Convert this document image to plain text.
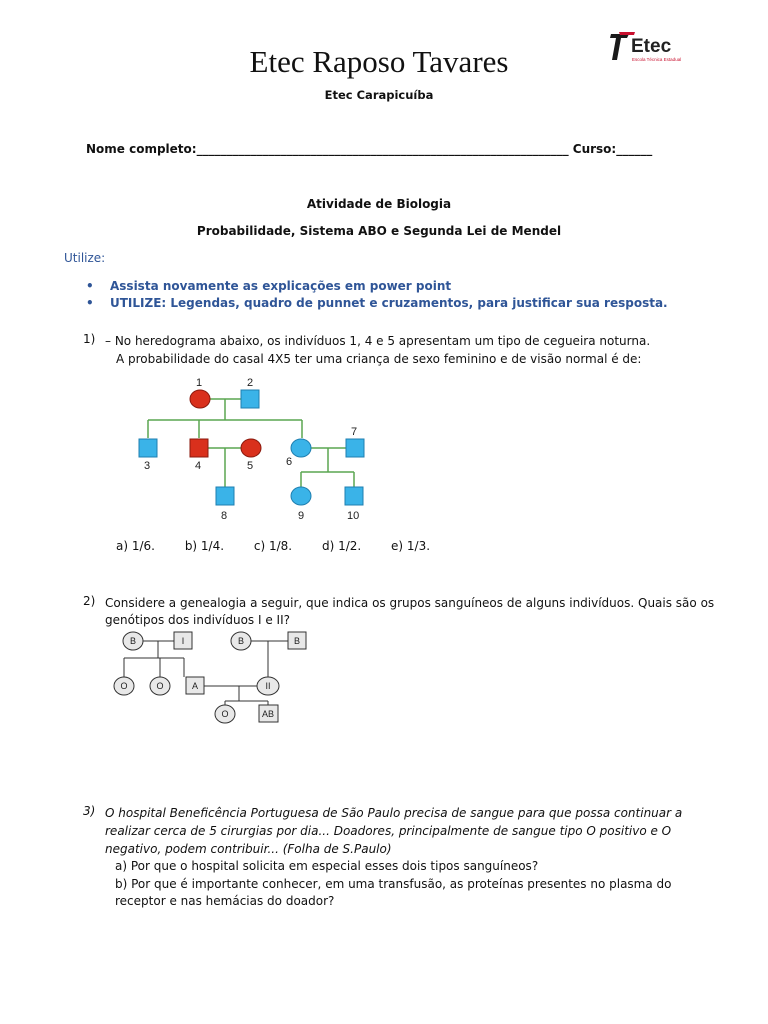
Etec Raposo Tavares
Etec Carapicuíba
Etec
Escola Técnica Estadual
Nome completo:______________________________________________________________ Curso:______
Atividade de Biologia
Probabilidade, Sistema ABO e Segunda Lei de Mendel
Utilize:
• Assista novamente as explicações em power point
• UTILIZE: Legendas, quadro de punnet e cruzamentos, para justificar sua resposta.
1) – No heredograma abaixo, os indivíduos 1, 4 e 5 apresentam um tipo de cegueira noturna.
A probabilidade do casal 4X5 ter uma criança de sexo feminino e de visão normal é de:
1	2
3	4	5	6
7
8	9	10
a) 1/6. b) 1/4. c) 1/8. d) 1/2. e) 1/3.
2) Considere a genealogia a seguir, que indica os grupos sanguíneos de alguns indivíduos. Quais são os
genótipos dos indivíduos I e II?
B	I	B	B
O	O	A	II
O	AB
3) O hospital Beneficência Portuguesa de São Paulo precisa de sangue para que possa continuar a
realizar cerca de 5 cirurgias por dia... Doadores, principalmente de sangue tipo O positivo e O
negativo, podem contribuir... (Folha de S.Paulo)
a) Por que o hospital solicita em especial esses dois tipos sanguíneos?
b) Por que é importante conhecer, em uma transfusão, as proteínas presentes no plasma do
receptor e nas hemácias do doador?
